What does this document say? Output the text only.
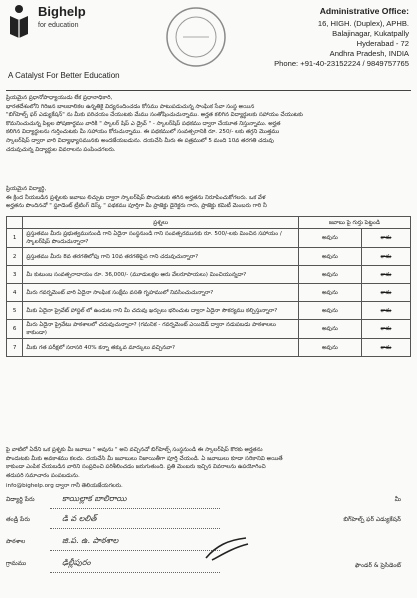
Bighelp
for education
A Catalyst For Better Education
Administrative Office:
16, HIGH. (Duplex), APHB.
Balajinagar, Kukatpally
Hyderabad - 72
Andhra Pradesh, INDIA
Phone: +91-40-23152224 / 9849757765
ప్రియమైన ప్రధానోపాధ్యాయుడు లేక ప్రధానాధికారి,
భారతదేశంలోని గిరిజన బాలబాలికల ఉన్నతికై విద్యనందించడం కోసము పాటుపడుచున్న సాంఘిక సేవా సంస్థ అయిన
"బిగ్‌హెల్ప్ ఫర్ ఎడ్యుకేషన్" ను మీకు పరిచయం చేయుటకు మేము సంతోషించుచున్నాము. అర్హత కలిగిన విద్యార్థులకు సహాయం చేయుటకు
కొమనించుచున్న పిల్లల పోషణార్థము వారికి " స్కాలర్ షిప్ ఎ డ్రైవ్ " - స్కాలర్‌షిప్ పథకము ద్వారా చేయూత నిస్తున్నాము. అర్హత
కలిగిన విద్యార్థులను గుర్తించుటకు మీ సహాయం కోరుచున్నాము. ఈ పథకములో సంవత్సరానికి రూ. 250/- లకు తగ్గని మొత్తము
స్కాలర్‌షిప్ ద్వారా వారి విద్యాభ్యాసమునకు అందజేయబడును. దయచేసి మీరు ఈ పత్రములో 5 మంది 10వ తరగతి చదువు
చదువుచున్న విద్యార్థుల వివరాలను పంపించగలరు.
ప్రియమైన విద్యార్థి,
ఈ క్రింద నీయబడిన ప్రశ్నలకు జవాబు లిచ్చుట ద్వారా స్కాలర్‌షిప్ పొందుటకు తగిన అర్హతను నిరూపించుకోగలరు. ఒక వేళ
అర్హతను పొందినచో " స్టూడెంట్ ట్రీటింగ్ డెస్క్ " పథకము పూర్తిగా మీ ప్రాజెక్టు డైరెక్టరు గారు, ప్రాజెక్టు కమిటీ మెంబరు గారి నీ
	ప్రశ్నలు	జవాబు పై గుర్తు పెట్టండి	
1	ప్రస్తుతము మీరు ప్రభుత్వమునుండి గాని ఏదైనా సంస్థనుండి గాని సంవత్సరమునకు రూ. 500/-లకు మించిన సహాయం / స్కాలర్‌షిప్ పొందుచున్నారా?	అవును	కాదు

2	ప్రస్తుతము మీరు 8వ తరగతిలోపు గాని 10వ తరగతిపైన గాని చదువుచున్నారా?	అవును	కాదు

3	మీ కుటుంబ సంవత్సరాదాయం రూ. 36,000/- (మూడులక్షల ఆరు వేలరూపాయలు) మించియున్నదా?	అవును	కాదు

4	మీరు గవర్నమెంట్ వారి ఏదైనా సాంఘిక సంక్షేమ వసతి గృహములో నివసించుచున్నారా?	అవును	కాదు

5	మీకు ఏదైనా ప్రైవేట్ హాస్టల్ లో ఉండుట గాని మీ చదువు ఖర్చులు భరించుట ద్వారా ఏదైనా సౌకర్యము కల్పిస్తున్నారా?	అవును	కాదు

6	మీరు ఏదైనా ప్రైవేటు పాఠశాలలో చదువుచున్నారా? (గమనిక - గవర్నమెంట్ ఎయిడెడ్ ద్వారా నడుపబడు పాఠశాలలు కాకుండా)	అవును	కాదు

7	మీకు గత పరీక్షలో సరాసరి 40% కన్నా తక్కువ మార్కులు వచ్చినవా?	అవును	కాదు
పై వాటిలో ఏదేని ఒక ప్రశ్నకు మీ జవాబు " అవును " అని వచ్చినచో బిగ్‌హెల్ప్ సంస్థనుండి ఈ స్కాలర్‌షిప్ కొరకు అర్హతను
పొందుటకు మీకు అవకాశము కలదు. దయచేసి మీ జవాబులు నిజాయితీగా పూర్తి చేయండి. ఏ జవాబులు కూడా సరికానివి అయితే
కాకుండా ఎంపిక చేయబడిన వారిని సంప్రదించి పరిశీలించడం జరుగుతుంది. ప్రతి మెంబరు ఇచ్చిన వివరాలను ఉపయోగించి
తదుపరి సమాచారం పంపబడును.
info@bighelp.org ద్వారా గానీ తెలియజేయగలరు.
విద్యార్థి పేరు	కాయిల్లాక బాలిరాయి	మీ
తండ్రి పేరు	డి వ లలిత్	బిగ్‌హెల్ప్ ఫర్ ఎడ్యుకేషన్
పాఠశాల	జి.ప. ఉ. పాఠశాల
గ్రామము	ఢిల్లీపురం	ఫౌండర్ & ప్రెసిడెంట్
